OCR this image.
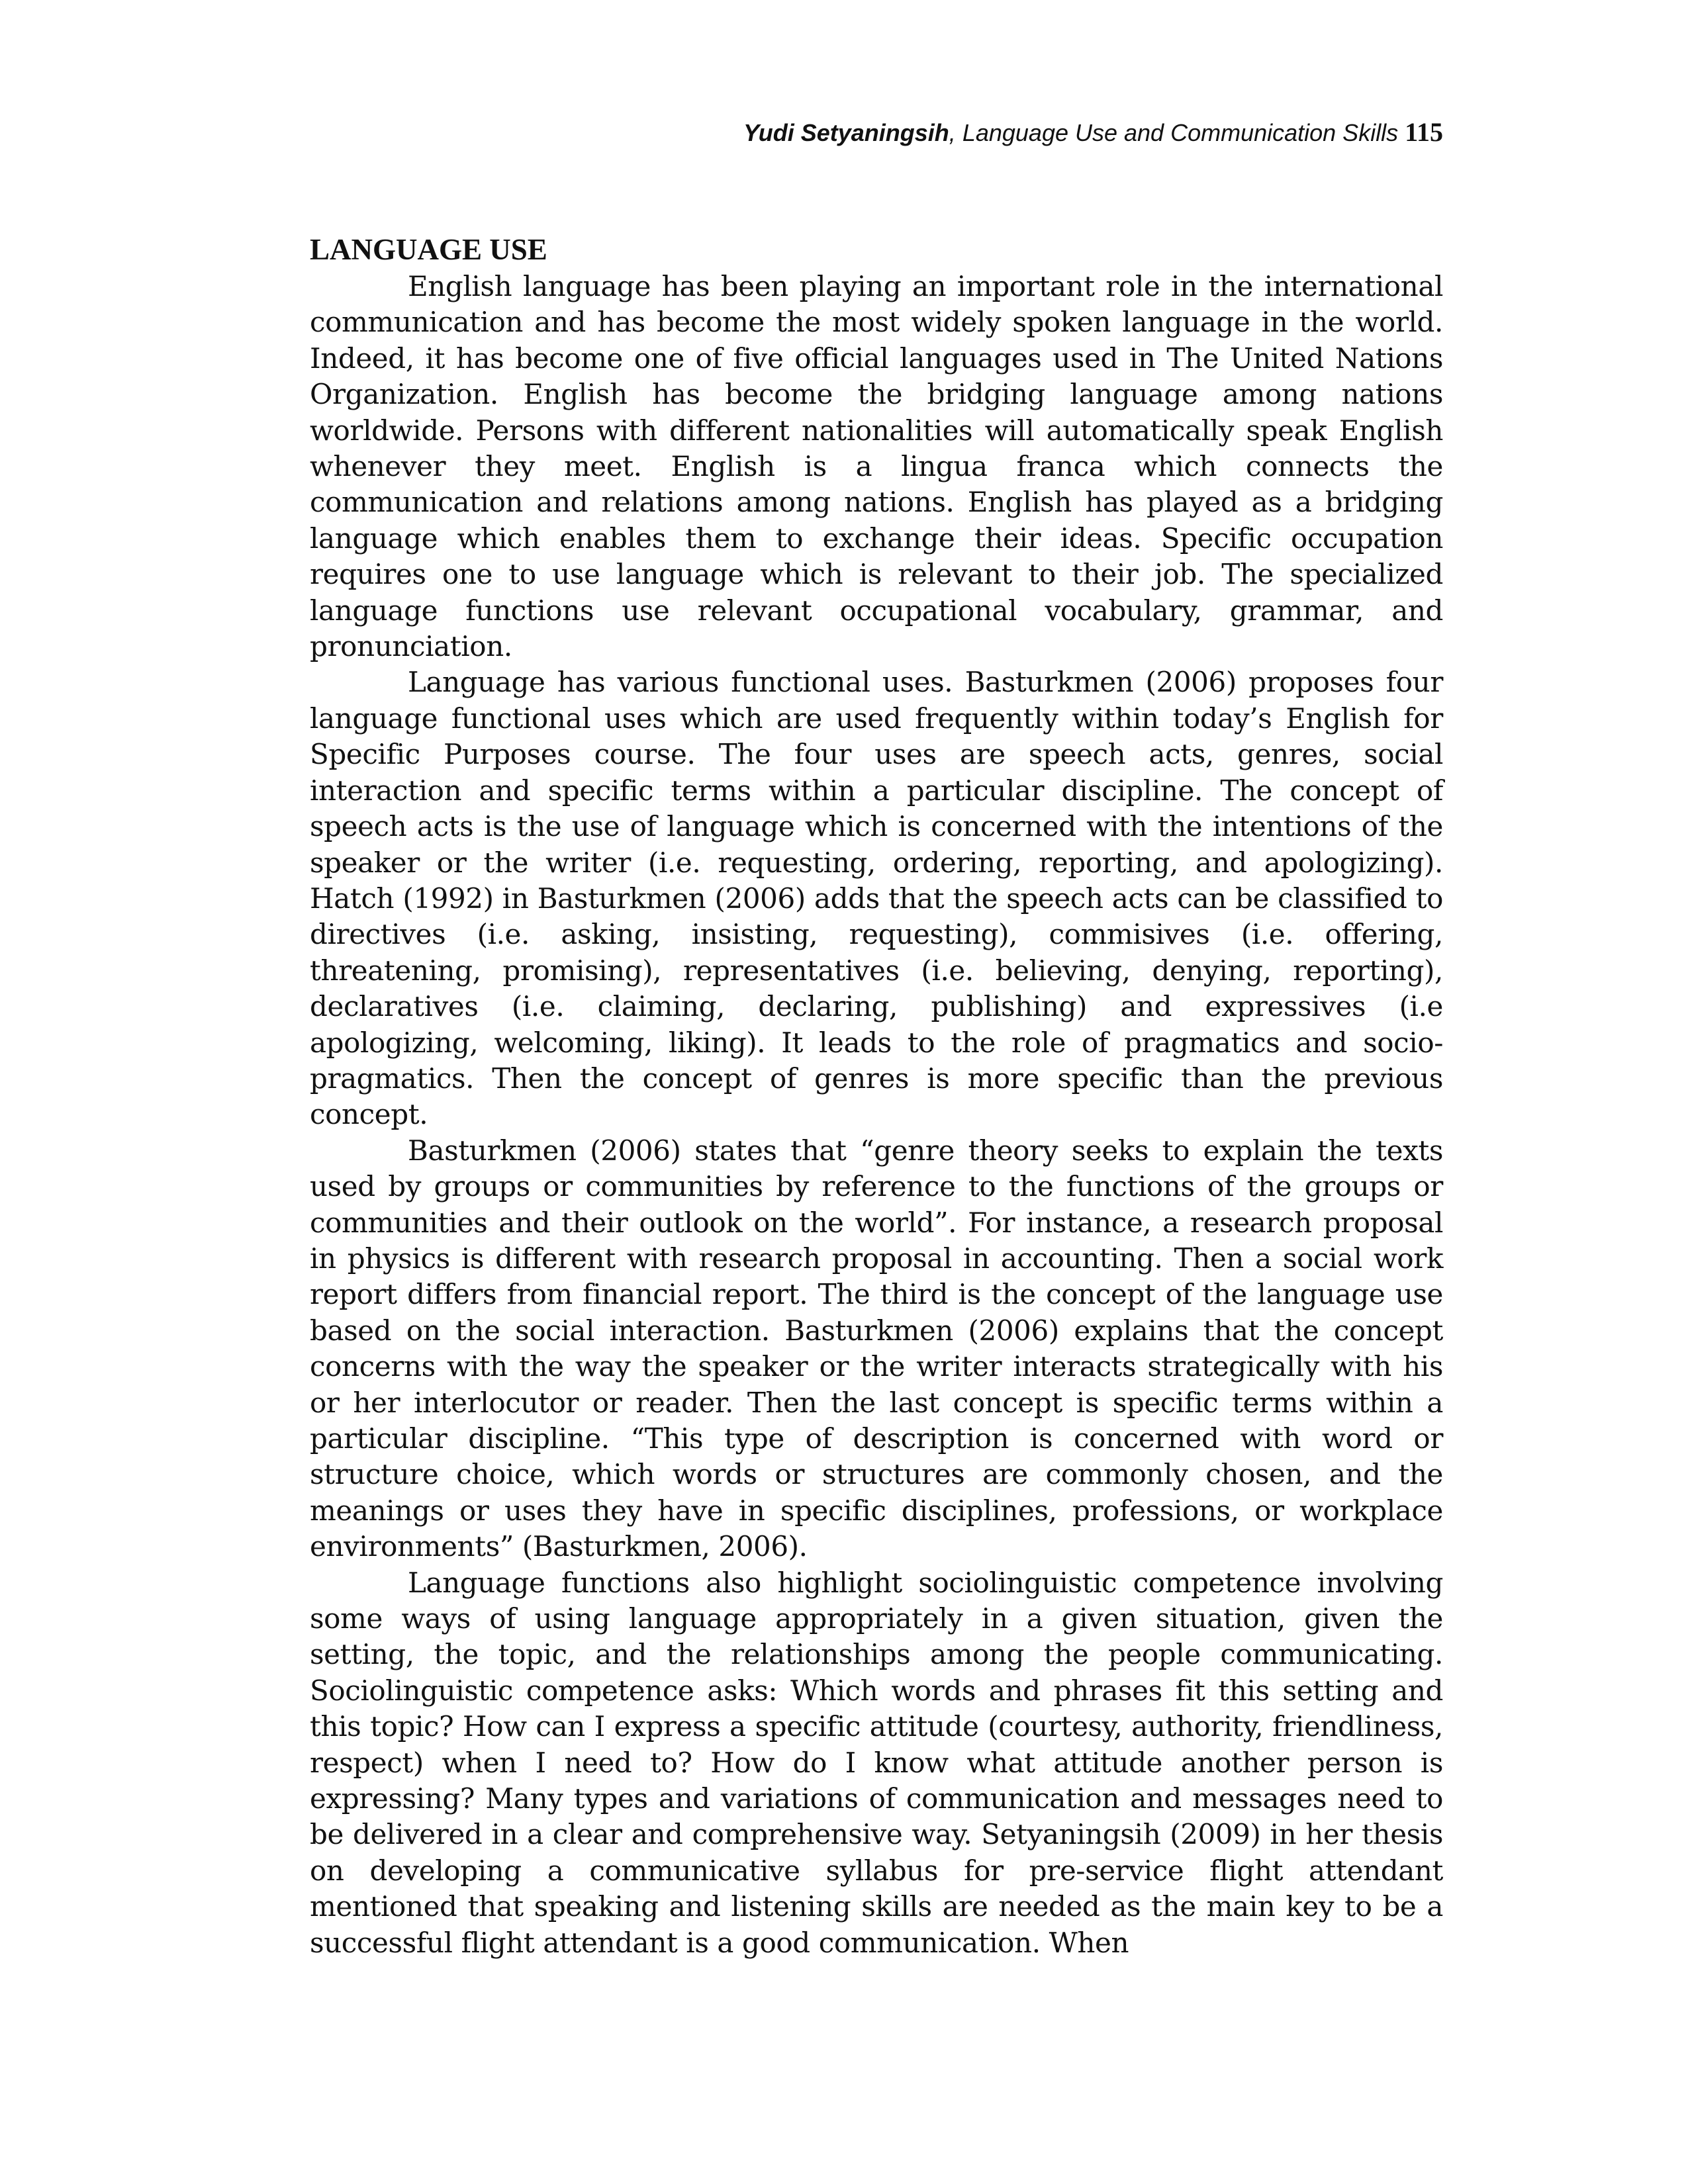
Yudi Setyaningsih, Language Use and Communication Skills 115
LANGUAGE USE

English language has been playing an important role in the international communication and has become the most widely spoken language in the world. Indeed, it has become one of five official languages used in The United Nations Organization. English has become the bridging language among nations worldwide. Persons with different nationalities will automatically speak English whenever they meet. English is a lingua franca which connects the communication and relations among nations. English has played as a bridging language which enables them to exchange their ideas. Specific occupation requires one to use language which is relevant to their job. The specialized language functions use relevant occupational vocabulary, grammar, and pronunciation.

Language has various functional uses. Basturkmen (2006) proposes four language functional uses which are used frequently within today’s English for Specific Purposes course. The four uses are speech acts, genres, social interaction and specific terms within a particular discipline. The concept of speech acts is the use of language which is concerned with the intentions of the speaker or the writer (i.e. requesting, ordering, reporting, and apologizing). Hatch (1992) in Basturkmen (2006) adds that the speech acts can be classified to directives (i.e. asking, insisting, requesting), commisives (i.e. offering, threatening, promising), representatives (i.e. believing, denying, reporting), declaratives (i.e. claiming, declaring, publishing) and expressives (i.e apologizing, welcoming, liking). It leads to the role of pragmatics and socio-pragmatics. Then the concept of genres is more specific than the previous concept.

Basturkmen (2006) states that “genre theory seeks to explain the texts used by groups or communities by reference to the functions of the groups or communities and their outlook on the world”. For instance, a research proposal in physics is different with research proposal in accounting. Then a social work report differs from financial report. The third is the concept of the language use based on the social interaction. Basturkmen (2006) explains that the concept concerns with the way the speaker or the writer interacts strategically with his or her interlocutor or reader. Then the last concept is specific terms within a particular discipline. “This type of description is concerned with word or structure choice, which words or structures are commonly chosen, and the meanings or uses they have in specific disciplines, professions, or workplace environments” (Basturkmen, 2006).

Language functions also highlight sociolinguistic competence involving some ways of using language appropriately in a given situation, given the setting, the topic, and the relationships among the people communicating. Sociolinguistic competence asks: Which words and phrases fit this setting and this topic? How can I express a specific attitude (courtesy, authority, friendliness, respect) when I need to? How do I know what attitude another person is expressing? Many types and variations of communication and messages need to be delivered in a clear and comprehensive way. Setyaningsih (2009) in her thesis on developing a communicative syllabus for pre-service flight attendant mentioned that speaking and listening skills are needed as the main key to be a successful flight attendant is a good communication. When
